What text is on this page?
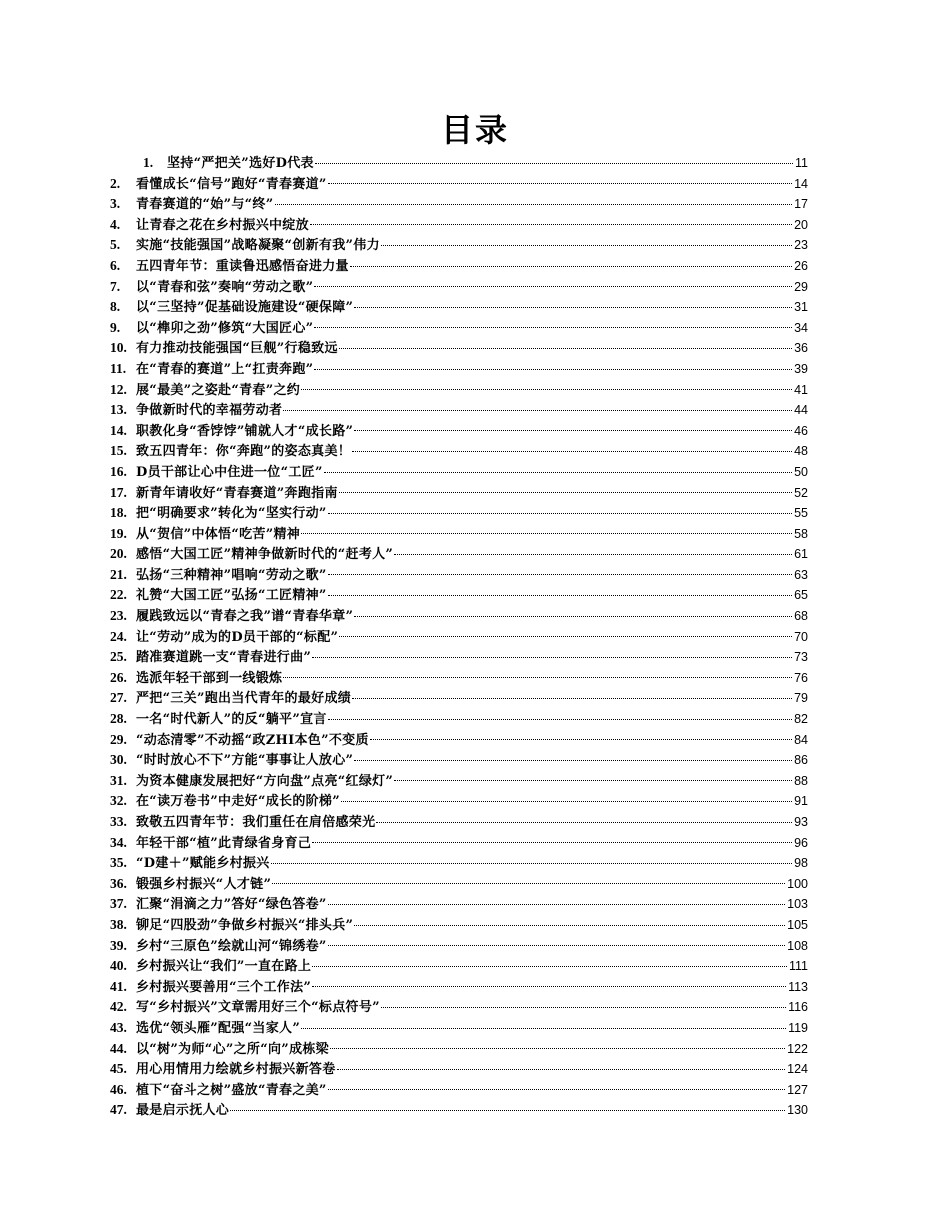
目录
1.	坚持“严把关”选好D代表	11
2.	看懂成长“信号”跑好“青春赛道”	14
3.	青春赛道的“始”与“终”	17
4.	让青春之花在乡村振兴中绽放	20
5.	实施“技能强国”战略凝聚“创新有我”伟力	23
6.	五四青年节：重读鲁迅感悟奋进力量	26
7.	以“青春和弦”奏响“劳动之歌”	29
8.	以“三坚持”促基础设施建设“硬保障”	31
9.	以“榫卯之劲”修筑“大国匠心”	34
10. 有力推动技能强国“巨舰”行稳致远	36
11. 在“青春的赛道”上“扛责奔跑”	39
12. 展“最美”之姿赴“青春”之约	41
13. 争做新时代的幸福劳动者	44
14. 职教化身“香饽饽”铺就人才“成长路”	46
15. 致五四青年：你“奔跑”的姿态真美！	48
16. D员干部让心中住进一位“工匠”	50
17. 新青年请收好“青春赛道”奔跑指南	52
18. 把“明确要求”转化为“坚实行动”	55
19. 从“贺信”中体悟“吃苦”精神	58
20. 感悟“大国工匠”精神争做新时代的“赶考人”	61
21. 弘扬“三种精神”唱响“劳动之歌”	63
22. 礼赞“大国工匠”弘扬“工匠精神”	65
23. 履践致远以“青春之我”谱“青春华章”	68
24. 让“劳动”成为的D员干部的“标配”	70
25. 踏准赛道跳一支“青春进行曲”	73
26. 选派年轻干部到一线锻炼	76
27. 严把“三关”跑出当代青年的最好成绩	79
28. 一名“时代新人”的反“躺平”宣言	82
29. “动态清零”不动摇“政ZHI本色”不变质	84
30. “时时放心不下”方能“事事让人放心”	86
31. 为资本健康发展把好“方向盘”点亮“红绿灯”	88
32. 在“读万卷书”中走好“成长的阶梯”	91
33. 致敬五四青年节：我们重任在肩倍感荣光	93
34. 年轻干部“植”此青绿省身育己	96
35. “D建＋”赋能乡村振兴	98
36. 锻强乡村振兴“人才链”	100
37. 汇聚“涓滴之力”答好“绿色答卷”	103
38. 铆足“四股劲”争做乡村振兴“排头兵”	105
39. 乡村“三原色”绘就山河“锦绣卷”	108
40. 乡村振兴让“我们”一直在路上	111
41. 乡村振兴要善用“三个工作法”	113
42. 写“乡村振兴”文章需用好三个“标点符号”	116
43. 选优“领头雁”配强“当家人”	119
44. 以“树”为师“心”之所“向”成栋梁	122
45. 用心用情用力绘就乡村振兴新答卷	124
46. 植下“奋斗之树”盛放“青春之美”	127
47. 最是启示抚人心	130
